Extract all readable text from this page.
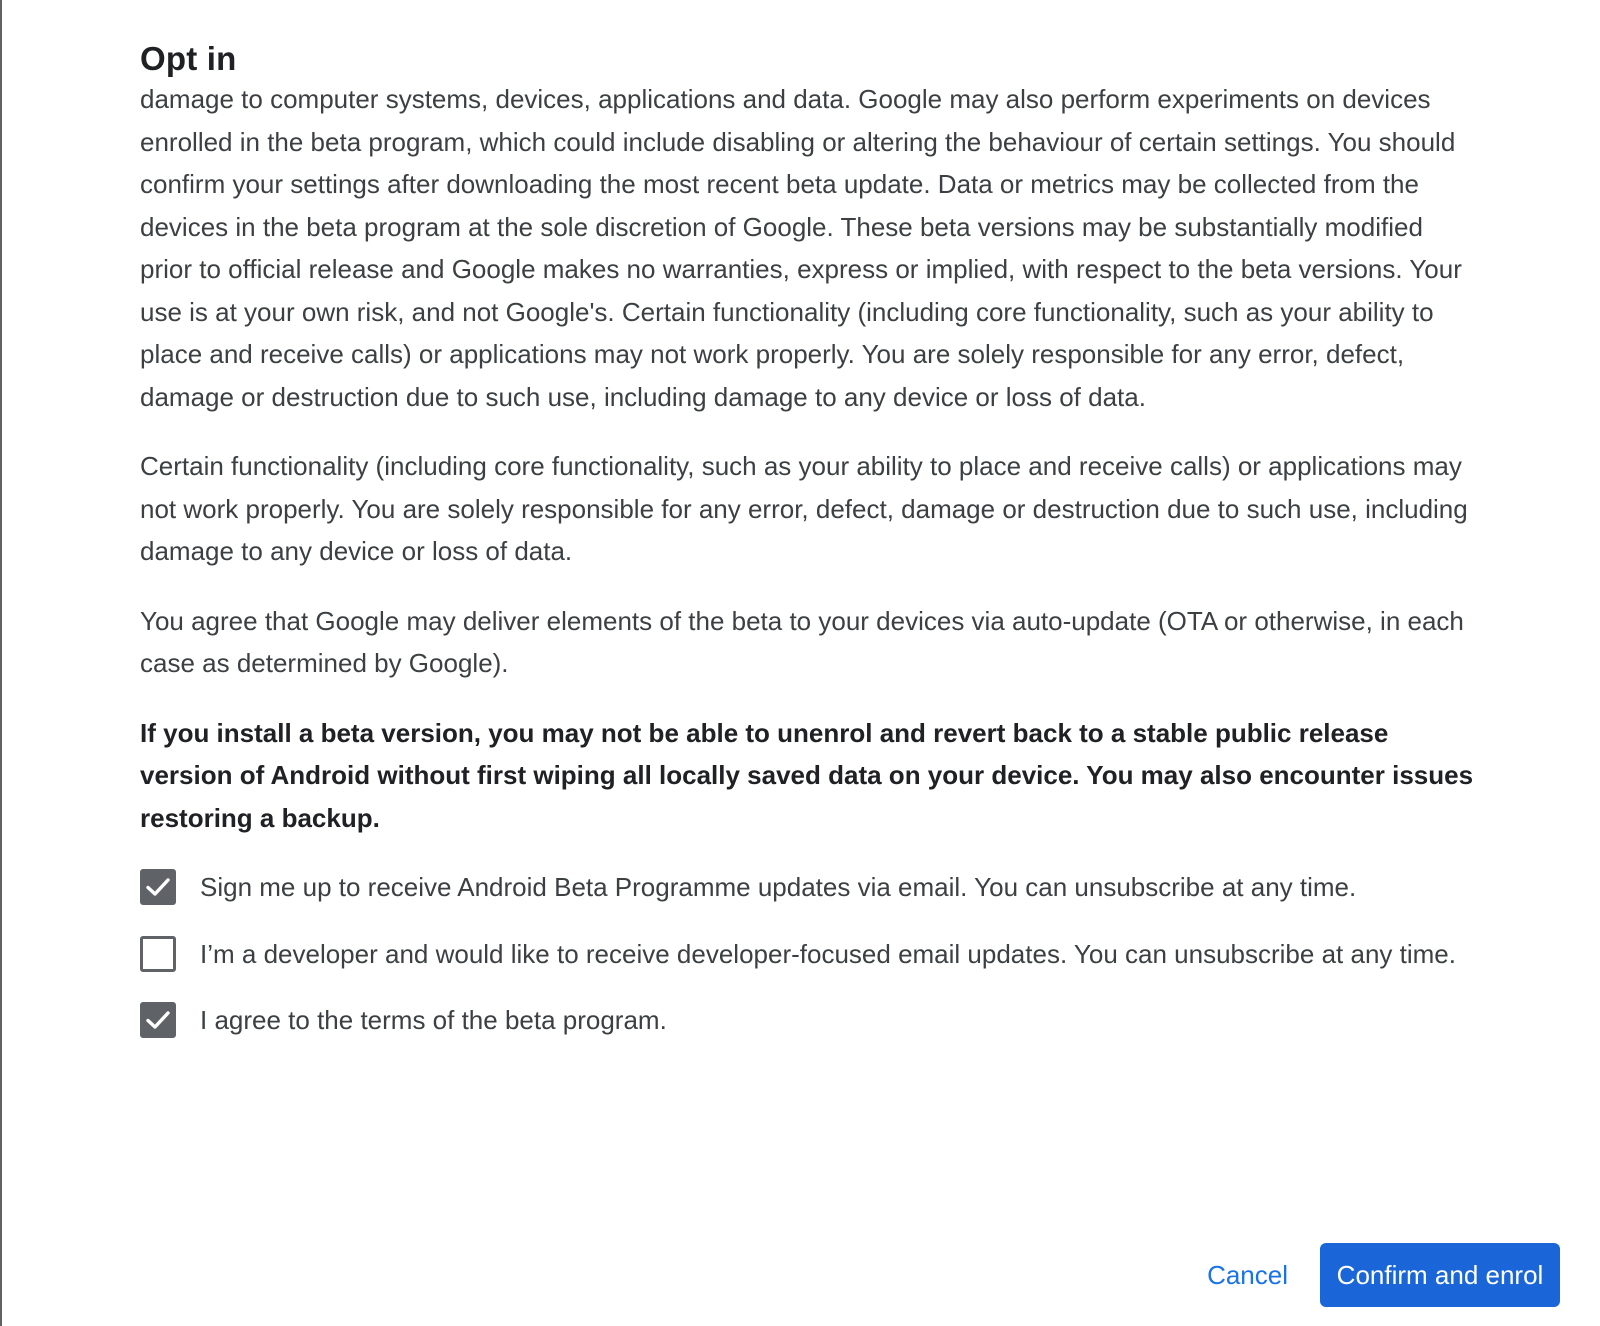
Opt in

damage to computer systems, devices, applications and data. Google may also perform experiments on devices enrolled in the beta program, which could include disabling or altering the behaviour of certain settings. You should confirm your settings after downloading the most recent beta update. Data or metrics may be collected from the devices in the beta program at the sole discretion of Google. These beta versions may be substantially modified prior to official release and Google makes no warranties, express or implied, with respect to the beta versions. Your use is at your own risk, and not Google's. Certain functionality (including core functionality, such as your ability to place and receive calls) or applications may not work properly. You are solely responsible for any error, defect, damage or destruction due to such use, including damage to any device or loss of data.

Certain functionality (including core functionality, such as your ability to place and receive calls) or applications may not work properly. You are solely responsible for any error, defect, damage or destruction due to such use, including damage to any device or loss of data.

You agree that Google may deliver elements of the beta to your devices via auto-update (OTA or otherwise, in each case as determined by Google).

If you install a beta version, you may not be able to unenrol and revert back to a stable public release version of Android without first wiping all locally saved data on your device. You may also encounter issues restoring a backup.

Sign me up to receive Android Beta Programme updates via email. You can unsubscribe at any time.
I’m a developer and would like to receive developer-focused email updates. You can unsubscribe at any time.
I agree to the terms of the beta program.
Cancel	Confirm and enrol
